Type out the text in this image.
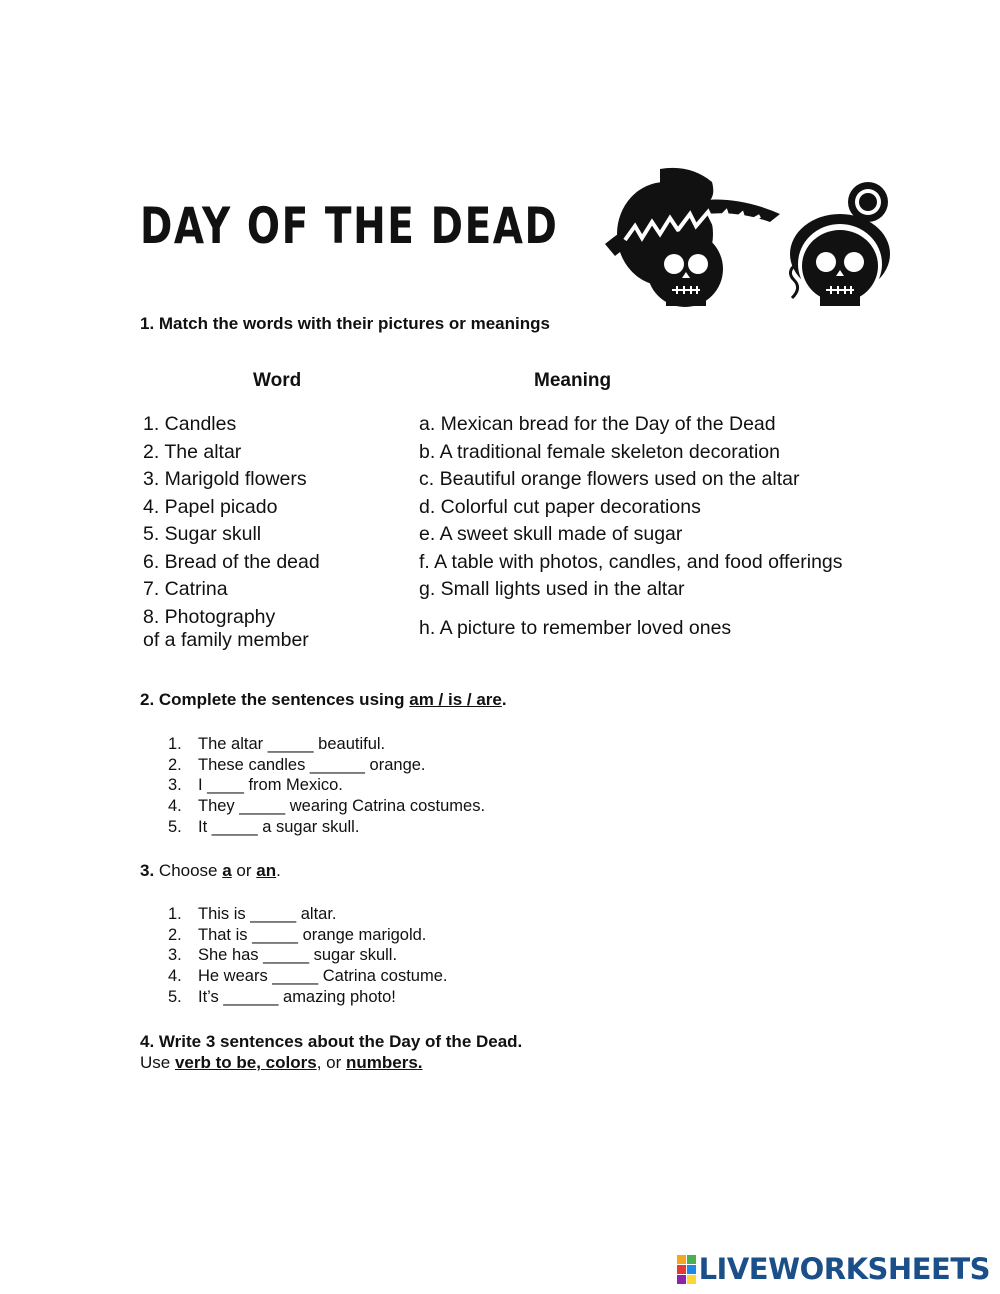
DAY OF THE DEAD
1. Match the words with their pictures or meanings
Word	Meaning
1. Candles
2. The altar
3. Marigold flowers
4. Papel picado
5. Sugar skull
6. Bread of the dead
7. Catrina
8. Photography
of a family member
a. Mexican bread for the Day of the Dead
b. A traditional female skeleton decoration
c. Beautiful orange flowers used on the altar
d. Colorful cut paper decorations
e. A sweet skull made of sugar
f. A table with photos, candles, and food offerings
g. Small lights used in the altar
h. A picture to remember loved ones
2. Complete the sentences using am / is / are.
1. The altar _____ beautiful.
2. These candles ______ orange.
3. I ____ from Mexico.
4. They _____ wearing Catrina costumes.
5. It _____ a sugar skull.
3. Choose a or an.
1. This is _____ altar.
2. That is _____ orange marigold.
3. She has _____ sugar skull.
4. He wears _____ Catrina costume.
5. It’s ______ amazing photo!
4. Write 3 sentences about the Day of the Dead.
Use verb to be, colors, or numbers.
LIVEWORKSHEETS
